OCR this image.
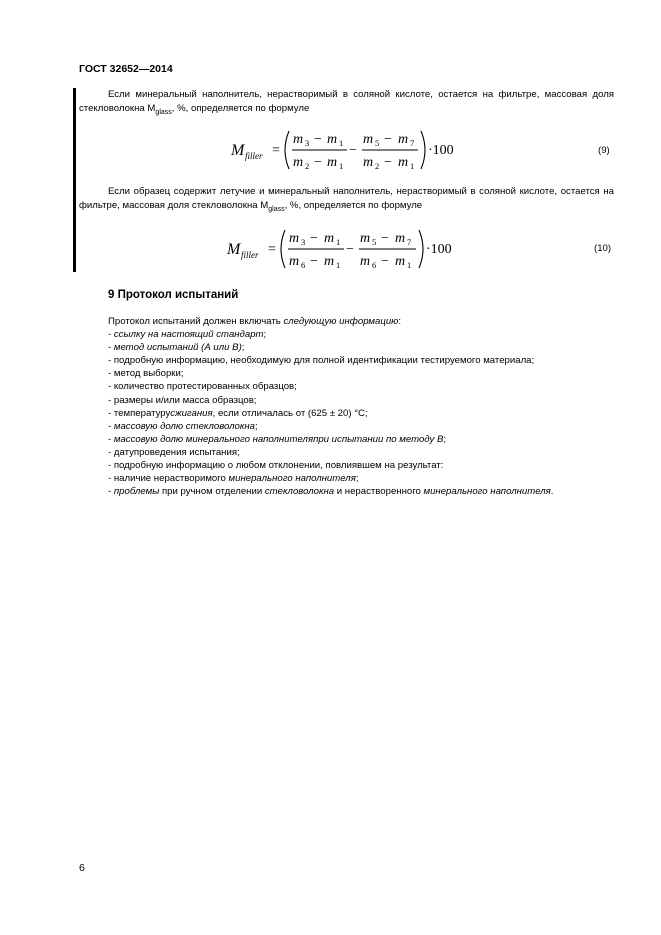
ГОСТ 32652—2014
Если минеральный наполнитель, нерастворимый в соляной кислоте, остается на фильтре, массовая доля стекловолокна $M_{glass}$, %, определяется по формуле
M filler =
m 3 − m 1
m 2 − m 1
−
m 5 − m 7
m 2 − m 1
·100	(9)
Если образец содержит летучие и минеральный наполнитель, нерастворимый в соляной кислоте, остается на фильтре, массовая доля стекловолокна $M_{glass}$, %, определяется по формуле
M filler =
m 3 − m 1
m 6 − m 1
−
m 5 − m 7
m 6 − m 1
·100	(10)
9 Протокол испытаний
Протокол испытаний должен включать следующую информацию:
- ссылку на настоящий стандарт;
- метод испытаний (А или В);
- подробную информацию, необходимую для полной идентификации тестируемого материала;
- метод выборки;
- количество протестированных образцов;
- размеры и/или масса образцов;
- температурусжигания, если отличалась от (625 ± 20) °С;
- массовую долю стекловолокна;
- массовую долю минерального наполнителяпри испытании по методу В;
- датупроведения испытания;
- подробную информацию о любом отклонении, повлиявшем на результат:
- наличие нерастворимого минерального наполнителя;
- проблемы при ручном отделении стекловолокна и нерастворенного минерального наполнителя.
6
